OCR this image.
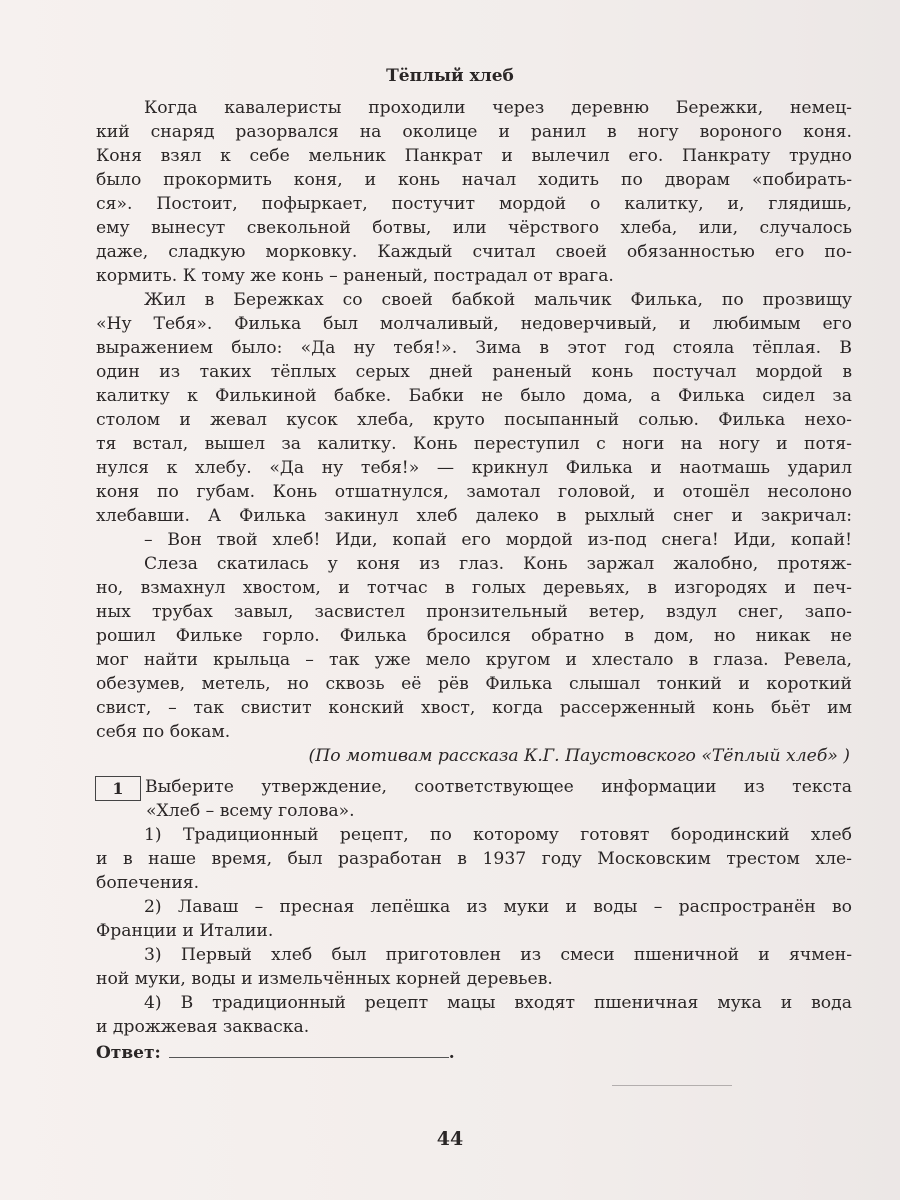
Тёплый хлеб
Когда кавалеристы проходили через деревню Бережки, немец-
кий снаряд разорвался на околице и ранил в ногу вороного коня.
Коня взял к себе мельник Панкрат и вылечил его. Панкрату трудно
было прокормить коня, и конь начал ходить по дворам «побирать-
ся». Постоит, пофыркает, постучит мордой о калитку, и, глядишь,
ему вынесут свекольной ботвы, или чёрствого хлеба, или, случалось
даже, сладкую морковку. Каждый считал своей обязанностью его по-
кормить. К тому же конь – раненый, пострадал от врага.
Жил в Бережках со своей бабкой мальчик Филька, по прозвищу
«Ну Тебя». Филька был молчаливый, недоверчивый, и любимым его
выражением было: «Да ну тебя!». Зима в этот год стояла тёплая. В
один из таких тёплых серых дней раненый конь постучал мордой в
калитку к Филькиной бабке. Бабки не было дома, а Филька сидел за
столом и жевал кусок хлеба, круто посыпанный солью. Филька нехо-
тя встал, вышел за калитку. Конь переступил с ноги на ногу и потя-
нулся к хлебу. «Да ну тебя!» — крикнул Филька и наотмашь ударил
коня по губам. Конь отшатнулся, замотал головой, и отошёл несолоно
хлебавши. А Филька закинул хлеб далеко в рыхлый снег и закричал:
– Вон твой хлеб! Иди, копай его мордой из-под снега! Иди, копай!
Слеза скатилась у коня из глаз. Конь заржал жалобно, протяж-
но, взмахнул хвостом, и тотчас в голых деревьях, в изгородях и печ-
ных трубах завыл, засвистел пронзительный ветер, вздул снег, запо-
рошил Фильке горло. Филька бросился обратно в дом, но никак не
мог найти крыльца – так уже мело кругом и хлестало в глаза. Ревела,
обезумев, метель, но сквозь её рёв Филька слышал тонкий и короткий
свист, – так свистит конский хвост, когда рассерженный конь бьёт им
себя по бокам.
(По мотивам рассказа К.Г. Паустовского «Тёплый хлеб» )
1	Выберите утверждение, соответствующее информации из текста
«Хлеб – всему голова».
1) Традиционный рецепт, по которому готовят бородинский хлеб
и в наше время, был разработан в 1937 году Московским трестом хле-
бопечения.
2) Лаваш – пресная лепёшка из муки и воды – распространён во
Франции и Италии.
3) Первый хлеб был приготовлен из смеси пшеничной и ячмен-
ной муки, воды и измельчённых корней деревьев.
4) В традиционный рецепт мацы входят пшеничная мука и вода
и дрожжевая закваска.
Ответ:	.
44
